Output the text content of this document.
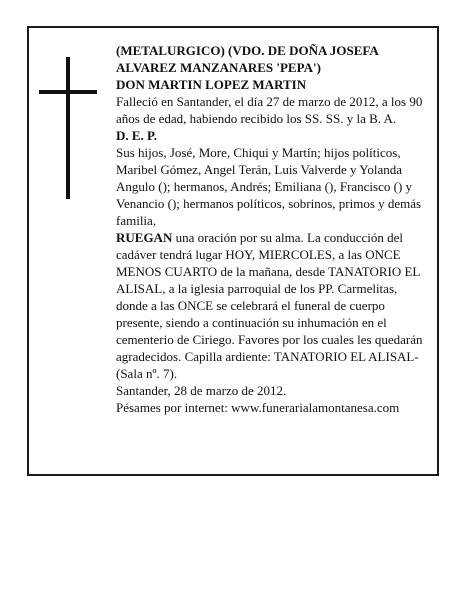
(METALURGICO) (VDO. DE DOÑA JOSEFA ALVAREZ MANZANARES 'PEPA')

DON MARTIN LOPEZ MARTIN

Falleció en Santander, el día 27 de marzo de 2012, a los 90 años de edad, habiendo recibido los SS. SS. y la B. A.

D. E. P.

Sus hijos, José, More, Chiqui y Martín; hijos políticos, Maribel Gómez, Angel Terán, Luis Valverde y Yolanda Angulo (); hermanos, Andrés; Emiliana (), Francisco () y Venancio (); hermanos políticos, sobrinos, primos y demás familia,

RUEGAN una oración por su alma. La conducción del cadáver tendrá lugar HOY, MIERCOLES, a las ONCE MENOS CUARTO de la mañana, desde TANATORIO EL ALISAL, a la iglesia parroquial de los PP. Carmelitas, donde a las ONCE se celebrará el funeral de cuerpo presente, siendo a continuación su inhumación en el cementerio de Ciriego. Favores por los cuales les quedarán agradecidos. Capilla ardiente: TANATORIO EL ALISAL-(Sala nº. 7).

Santander, 28 de marzo de 2012.

Pésames por internet: www.funerarialamontanesa.com
